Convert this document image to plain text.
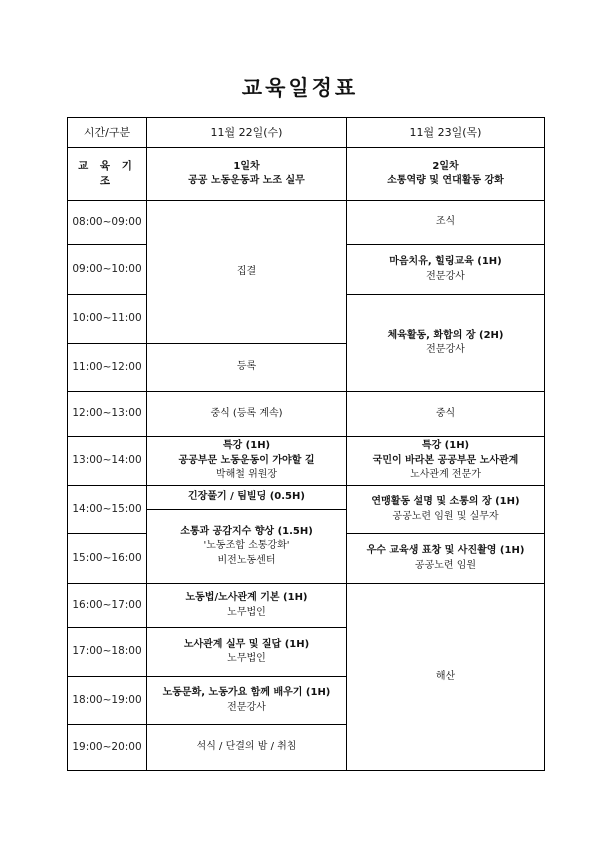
교육일정표
시간/구분	11월 22일(수)	11월 23일(목)
교 육 기 조
1일차
공공 노동운동과 노조 실무
2일차
소통역량 및 연대활동 강화
08:00~09:00
09:00~10:00
10:00~11:00
11:00~12:00
12:00~13:00
13:00~14:00
14:00~15:00
15:00~16:00
16:00~17:00
17:00~18:00
18:00~19:00
19:00~20:00
집결
등록
중식 (등록 계속)
특강 (1H)
공공부문 노동운동이 가야할 길
박해철 위원장
긴장풀기 / 팀빌딩 (0.5H)
소통과 공감지수 향상 (1.5H)
'노동조합 소통강화'
비전노동센터
노동법/노사관계 기본 (1H)
노무법인
노사관계 실무 및 질답 (1H)
노무법인
노동문화, 노동가요 함께 배우기 (1H)
전문강사
석식 / 단결의 밤 / 취침
조식
마음치유, 힐링교육 (1H)
전문강사
체육활동, 화합의 장 (2H)
전문강사
중식
특강 (1H)
국민이 바라본 공공부문 노사관계
노사관계 전문가
연맹활동 설명 및 소통의 장 (1H)
공공노련 임원 및 실무자
우수 교육생 표창 및 사진촬영 (1H)
공공노련 임원
해산
